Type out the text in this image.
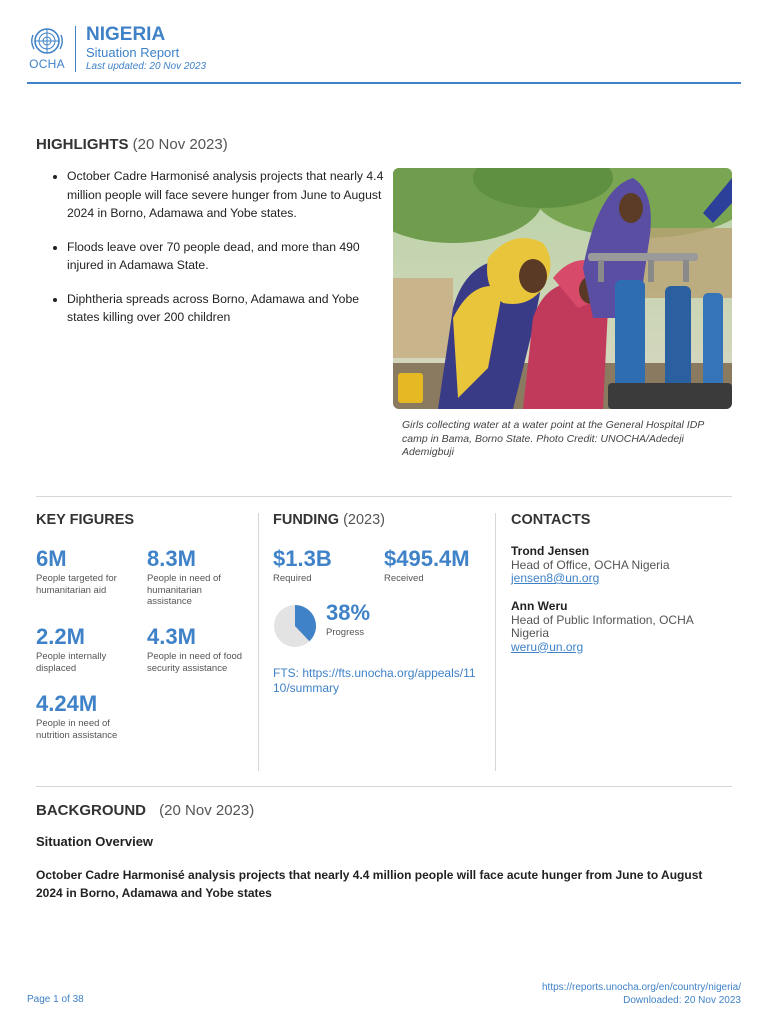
OCHA
NIGERIA
Situation Report
Last updated: 20 Nov 2023
HIGHLIGHTS (20 Nov 2023)
• October Cadre Harmonisé analysis projects that nearly 4.4 million people will face severe hunger from June to August 2024 in Borno, Adamawa and Yobe states.
• Floods leave over 70 people dead, and more than 490 injured in Adamawa State.
• Diphtheria spreads across Borno, Adamawa and Yobe states killing over 200 children
Girls collecting water at a water point at the General Hospital IDP camp in Bama, Borno State. Photo Credit: UNOCHA/Adedeji Ademigbuji
KEY FIGURES
6M
People targeted for humanitarian aid
8.3M
People in need of humanitarian assistance
2.2M
People internally displaced
4.3M
People in need of food security assistance
4.24M
People in need of nutrition assistance
FUNDING (2023)
$1.3B
Required
$495.4M
Received
38%
Progress
FTS: https://fts.unocha.org/appeals/1110/summary
CONTACTS
Trond Jensen
Head of Office, OCHA Nigeria
jensen8@un.org
Ann Weru
Head of Public Information, OCHA Nigeria
weru@un.org
BACKGROUND (20 Nov 2023)
Situation Overview
October Cadre Harmonisé analysis projects that nearly 4.4 million people will face acute hunger from June to August 2024 in Borno, Adamawa and Yobe states
Page 1 of 38
https://reports.unocha.org/en/country/nigeria/
Downloaded: 20 Nov 2023
